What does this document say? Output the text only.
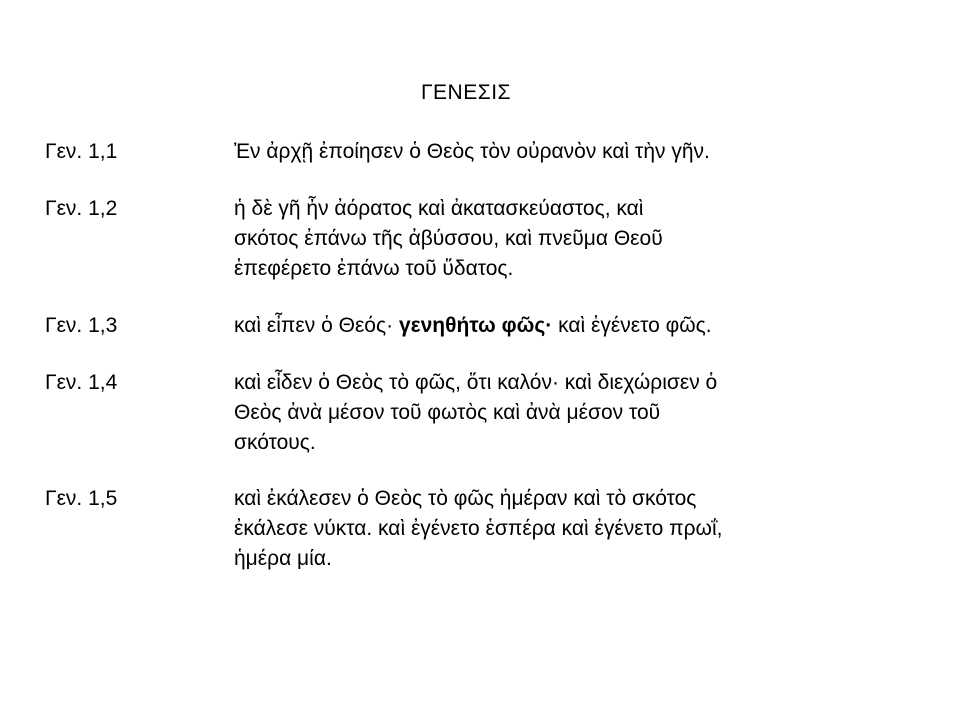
ΓΕΝΕΣΙΣ
Γεν. 1,1	Ἐν ἀρχῇ ἐποίησεν ὁ Θεὸς τὸν οὐρανὸν καὶ τὴν γῆν.
Γεν. 1,2	ἡ δὲ γῆ ἦν ἀόρατος καὶ ἀκατασκεύαστος, καὶ
σκότος ἐπάνω τῆς ἀβύσσου, καὶ πνεῦμα Θεοῦ
ἐπεφέρετο ἐπάνω τοῦ ὕδατος.
Γεν. 1,3	καὶ εἶπεν ὁ Θεός· γενηθήτω φῶς· καὶ ἐγένετο φῶς.
Γεν. 1,4	καὶ εἶδεν ὁ Θεὸς τὸ φῶς, ὅτι καλόν· καὶ διεχώρισεν ὁ
Θεὸς ἀνὰ μέσον τοῦ φωτὸς καὶ ἀνὰ μέσον τοῦ
σκότους.
Γεν. 1,5	καὶ ἐκάλεσεν ὁ Θεὸς τὸ φῶς ἡμέραν καὶ τὸ σκότος
ἐκάλεσε νύκτα. καὶ ἐγένετο ἑσπέρα καὶ ἐγένετο πρωΐ,
ἡμέρα μία.
